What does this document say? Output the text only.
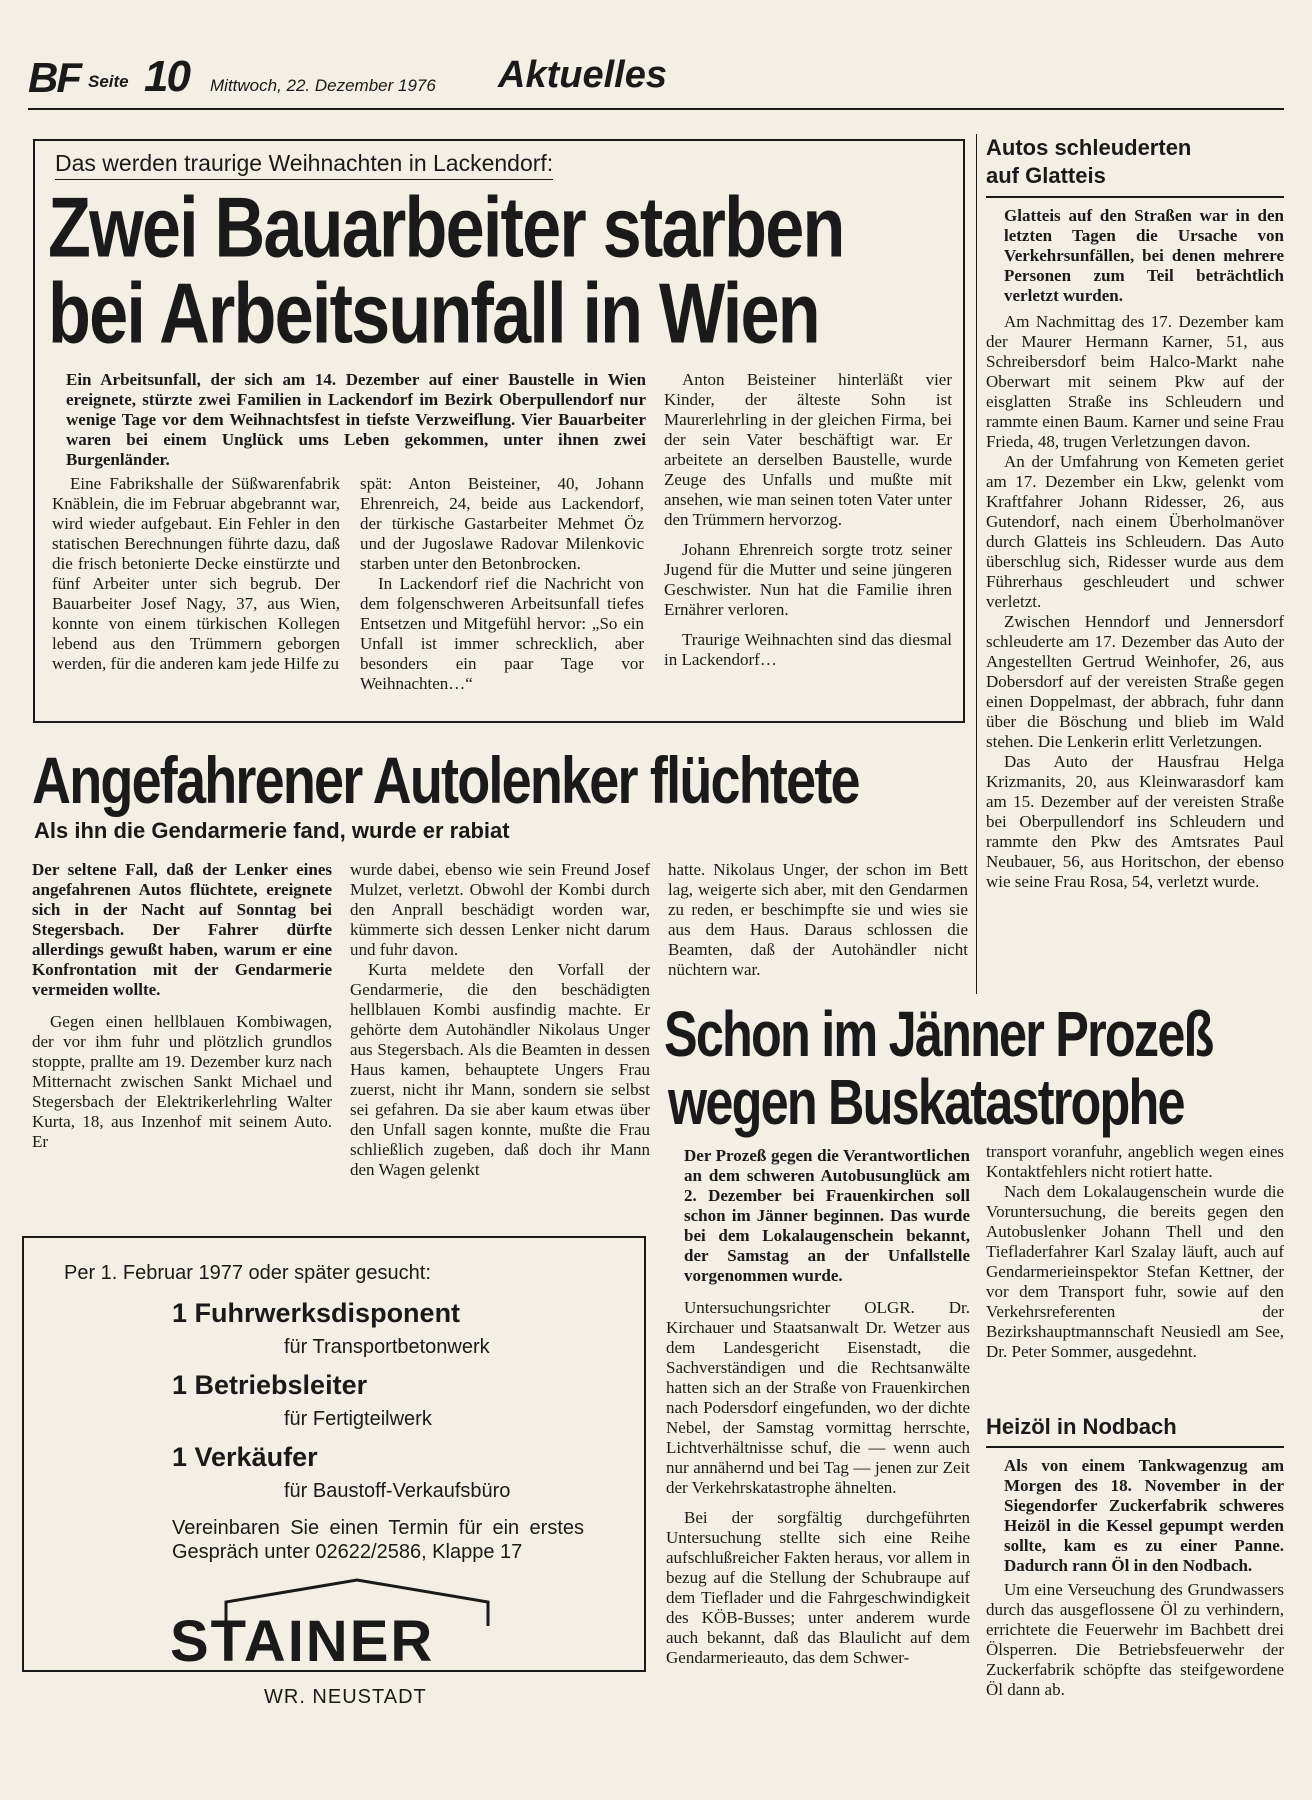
BF Seite 10 Mittwoch, 22. Dezember 1976 Aktuelles
Das werden traurige Weihnachten in Lackendorf:
Zwei Bauarbeiter starben
bei Arbeitsunfall in Wien

Ein Arbeitsunfall, der sich am 14. Dezember auf einer Baustelle in Wien ereignete, stürzte zwei Familien in Lackendorf im Bezirk Oberpullendorf nur wenige Tage vor dem Weihnachtsfest in tiefste Verzweiflung. Vier Bauarbeiter waren bei einem Unglück ums Leben gekommen, unter ihnen zwei Burgenländer.

Eine Fabrikshalle der Süßwarenfabrik Knäblein, die im Februar abgebrannt war, wird wieder aufgebaut. Ein Fehler in den statischen Berechnungen führte dazu, daß die frisch betonierte Decke einstürzte und fünf Arbeiter unter sich begrub. Der Bauarbeiter Josef Nagy, 37, aus Wien, konnte von einem türkischen Kollegen lebend aus den Trümmern geborgen werden, für die anderen kam jede Hilfe zu

spät: Anton Beisteiner, 40, Johann Ehrenreich, 24, beide aus Lackendorf, der türkische Gastarbeiter Mehmet Öz und der Jugoslawe Radovar Milenkovic starben unter den Betonbrocken.

In Lackendorf rief die Nachricht von dem folgenschweren Arbeitsunfall tiefes Entsetzen und Mitgefühl hervor: „So ein Unfall ist immer schrecklich, aber besonders ein paar Tage vor Weihnachten…“

Anton Beisteiner hinterläßt vier Kinder, der älteste Sohn ist Maurerlehrling in der gleichen Firma, bei der sein Vater beschäftigt war. Er arbeitete an derselben Baustelle, wurde Zeuge des Unfalls und mußte mit ansehen, wie man seinen toten Vater unter den Trümmern hervorzog.

Johann Ehrenreich sorgte trotz seiner Jugend für die Mutter und seine jüngeren Geschwister. Nun hat die Familie ihren Ernährer verloren.

Traurige Weihnachten sind das diesmal in Lackendorf…

Autos schleuderten auf Glatteis

Glatteis auf den Straßen war in den letzten Tagen die Ursache von Verkehrsunfällen, bei denen mehrere Personen zum Teil beträchtlich verletzt wurden.

Am Nachmittag des 17. Dezember kam der Maurer Hermann Karner, 51, aus Schreibersdorf beim Halco-Markt nahe Oberwart mit seinem Pkw auf der eisglatten Straße ins Schleudern und rammte einen Baum. Karner und seine Frau Frieda, 48, trugen Verletzungen davon.

An der Umfahrung von Kemeten geriet am 17. Dezember ein Lkw, gelenkt vom Kraftfahrer Johann Ridesser, 26, aus Gutendorf, nach einem Überholmanöver durch Glatteis ins Schleudern. Das Auto überschlug sich, Ridesser wurde aus dem Führerhaus geschleudert und schwer verletzt.

Zwischen Henndorf und Jennersdorf schleuderte am 17. Dezember das Auto der Angestellten Gertrud Weinhofer, 26, aus Dobersdorf auf der vereisten Straße gegen einen Doppelmast, der abbrach, fuhr dann über die Böschung und blieb im Wald stehen. Die Lenkerin erlitt Verletzungen.

Das Auto der Hausfrau Helga Krizmanits, 20, aus Kleinwarasdorf kam am 15. Dezember auf der vereisten Straße bei Oberpullendorf ins Schleudern und rammte den Pkw des Amtsrates Paul Neubauer, 56, aus Horitschon, der ebenso wie seine Frau Rosa, 54, verletzt wurde.

Angefahrener Autolenker flüchtete
Als ihn die Gendarmerie fand, wurde er rabiat

Der seltene Fall, daß der Lenker eines angefahrenen Autos flüchtete, ereignete sich in der Nacht auf Sonntag bei Stegersbach. Der Fahrer dürfte allerdings gewußt haben, warum er eine Konfrontation mit der Gendarmerie vermeiden wollte.

Gegen einen hellblauen Kombiwagen, der vor ihm fuhr und plötzlich grundlos stoppte, prallte am 19. Dezember kurz nach Mitternacht zwischen Sankt Michael und Stegersbach der Elektrikerlehrling Walter Kurta, 18, aus Inzenhof mit seinem Auto. Er

wurde dabei, ebenso wie sein Freund Josef Mulzet, verletzt. Obwohl der Kombi durch den Anprall beschädigt worden war, kümmerte sich dessen Lenker nicht darum und fuhr davon.

Kurta meldete den Vorfall der Gendarmerie, die den beschädigten hellblauen Kombi ausfindig machte. Er gehörte dem Autohändler Nikolaus Unger aus Stegersbach. Als die Beamten in dessen Haus kamen, behauptete Ungers Frau zuerst, nicht ihr Mann, sondern sie selbst sei gefahren. Da sie aber kaum etwas über den Unfall sagen konnte, mußte die Frau schließlich zugeben, daß doch ihr Mann den Wagen gelenkt

hatte. Nikolaus Unger, der schon im Bett lag, weigerte sich aber, mit den Gendarmen zu reden, er beschimpfte sie und wies sie aus dem Haus. Daraus schlossen die Beamten, daß der Autohändler nicht nüchtern war.

Schon im Jänner Prozeß
wegen Buskatastrophe

Der Prozeß gegen die Verantwortlichen an dem schweren Autobusunglück am 2. Dezember bei Frauenkirchen soll schon im Jänner beginnen. Das wurde bei dem Lokalaugenschein bekannt, der Samstag an der Unfallstelle vorgenommen wurde.

Untersuchungsrichter OLGR. Dr. Kirchauer und Staatsanwalt Dr. Wetzer aus dem Landesgericht Eisenstadt, die Sachverständigen und die Rechtsanwälte hatten sich an der Straße von Frauenkirchen nach Podersdorf eingefunden, wo der dichte Nebel, der Samstag vormittag herrschte, Lichtverhältnisse schuf, die — wenn auch nur annähernd und bei Tag — jenen zur Zeit der Verkehrskatastrophe ähnelten.

Bei der sorgfältig durchgeführten Untersuchung stellte sich eine Reihe aufschlußreicher Fakten heraus, vor allem in bezug auf die Stellung der Schubraupe auf dem Tieflader und die Fahrgeschwindigkeit des KÖB-Busses; unter anderem wurde auch bekannt, daß das Blaulicht auf dem Gendarmerieauto, das dem Schwer-

transport voranfuhr, angeblich wegen eines Kontaktfehlers nicht rotiert hatte.

Nach dem Lokalaugenschein wurde die Voruntersuchung, die bereits gegen den Autobuslenker Johann Thell und den Tiefladerfahrer Karl Szalay läuft, auch auf Gendarmerieinspektor Stefan Kettner, der vor dem Transport fuhr, sowie auf den Verkehrsreferenten der Bezirkshauptmannschaft Neusiedl am See, Dr. Peter Sommer, ausgedehnt.

Heizöl in Nodbach

Als von einem Tankwagenzug am Morgen des 18. November in der Siegendorfer Zuckerfabrik schweres Heizöl in die Kessel gepumpt werden sollte, kam es zu einer Panne. Dadurch rann Öl in den Nodbach.

Um eine Verseuchung des Grundwassers durch das ausgeflossene Öl zu verhindern, errichtete die Feuerwehr im Bachbett drei Ölsperren. Die Betriebsfeuerwehr der Zuckerfabrik schöpfte das steifgewordene Öl dann ab.

Per 1. Februar 1977 oder später gesucht:
1 Fuhrwerksdisponent
für Transportbetonwerk
1 Betriebsleiter
für Fertigteilwerk
1 Verkäufer
für Baustoff-Verkaufsbüro
Vereinbaren Sie einen Termin für ein erstes Gespräch unter 02622/2586, Klappe 17
STAINER
WR. NEUSTADT
